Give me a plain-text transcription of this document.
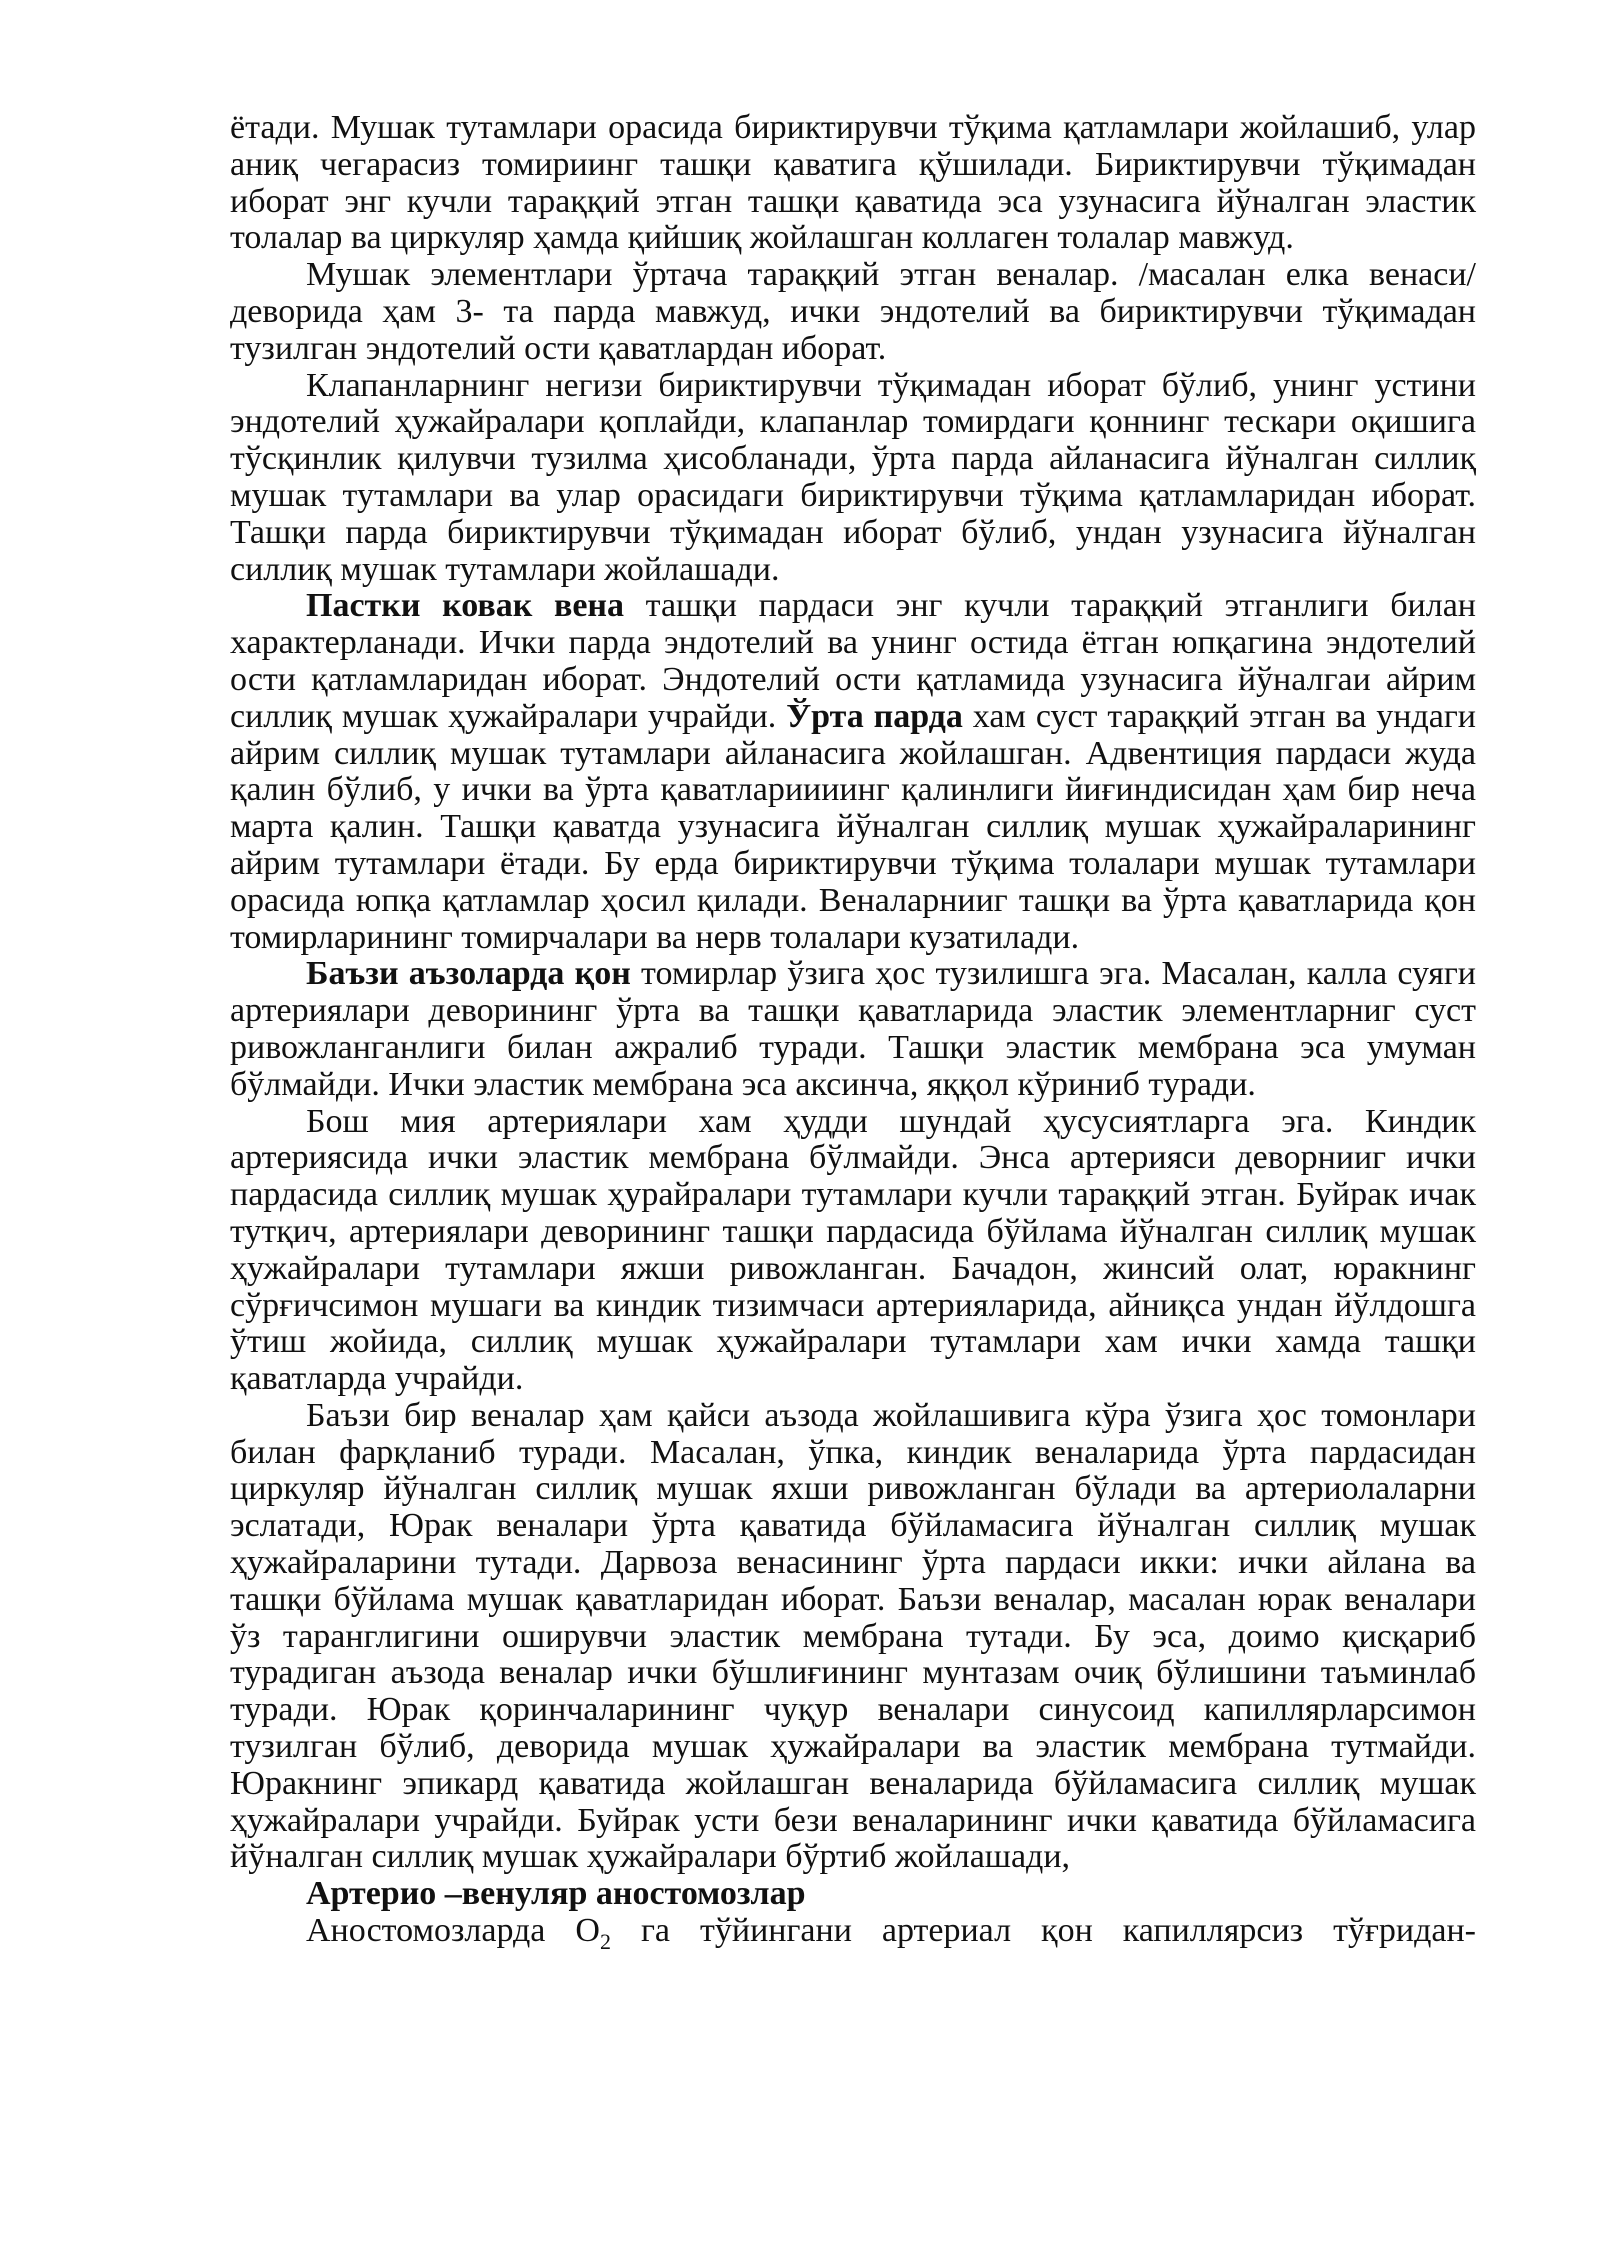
ётади. Мушак тутамлари орасида бириктирувчи тўқима қатламлари жойлашиб, улар аниқ чегарасиз томириинг ташқи қаватига қўшилади. Бириктирувчи тўқимадан иборат энг кучли тараққий этган ташқи қаватида эса узунасига йўналган эластик толалар ва циркуляр ҳамда қийшиқ жойлашган коллаген толалар мавжуд.

Мушак элементлари ўртача тараққий этган веналар. /масалан елка венаси/ деворида ҳам 3- та парда мавжуд, ички эндотелий ва бириктирувчи тўқимадан тузилган эндотелий ости қаватлардан иборат.

Клапанларнинг негизи бириктирувчи тўқимадан иборат бўлиб, унинг устини эндотелий ҳужайралари қоплайди, клапанлар томирдаги қоннинг тескари оқишига тўсқинлик қилувчи тузилма ҳисобланади, ўрта парда айланасига йўналган силлиқ мушак тутамлари ва улар орасидаги бириктирувчи тўқима қатламларидан иборат. Ташқи парда бириктирувчи тўқимадан иборат бўлиб, ундан узунасига йўналган силлиқ мушак тутамлари жойлашади.

Пастки ковак вена ташқи пардаси энг кучли тараққий этганлиги билан характерланади. Ички парда эндотелий ва унинг остида ётган юпқагина эндотелий ости қатламларидан иборат. Эндотелий ости қатламида узунасига йўналгаи айрим силлиқ мушак ҳужайралари учрайди. Ўрта парда хам суст тараққий этган ва ундаги айрим силлиқ мушак тутамлари айланасига жойлашган. Адвентиция пардаси жуда қалин бўлиб, у ички ва ўрта қаватлариииинг қалинлиги йиғиндисидан ҳам бир неча марта қалин. Ташқи қаватда узунасига йўналган силлиқ мушак ҳужайраларининг айрим тутамлари ётади. Бу ерда бириктирувчи тўқима толалари мушак тутамлари орасида юпқа қатламлар ҳосил қилади. Веналарнииг ташқи ва ўрта қаватларида қон томирларининг томирчалари ва нерв толалари кузатилади.

Баъзи аъзоларда қон томирлар ўзига ҳос тузилишга эга. Масалан, калла суяги артериялари деворининг ўрта ва ташқи қаватларида эластик элементларниг суст ривожланганлиги билан ажралиб туради. Ташқи эластик мембрана эса умуман бўлмайди. Ички эластик мембрана эса аксинча, яққол кўриниб туради.

Бош мия артериялари хам ҳудди шундай ҳусусиятларга эга. Киндик артериясида ички эластик мембрана бўлмайди. Энса артерияси деворнииг ички пардасида силлиқ мушак ҳурайралари тутамлари кучли тараққий этган. Буйрак ичак тутқич, артериялари деворининг ташқи пардасида бўйлама йўналган силлиқ мушак ҳужайралари тутамлари яжши ривожланган. Бачадон, жинсий олат, юракнинг сўрғичсимон мушаги ва киндик тизимчаси артерияларида, айниқса ундан йўлдошга ўтиш жойида, силлиқ мушак ҳужайралари тутамлари хам ички хамда ташқи қаватларда учрайди.

Баъзи бир веналар ҳам қайси аъзода жойлашивига кўра ўзига ҳос томонлари билан фарқланиб туради. Масалан, ўпка, киндик веналарида ўрта пардасидан циркуляр йўналган силлиқ мушак яхши ривожланган бўлади ва артериолаларни эслатади, Юрак веналари ўрта қаватида бўйламасига йўналган силлиқ мушак ҳужайраларини тутади. Дарвоза венасининг ўрта пардаси икки: ички айлана ва ташқи бўйлама мушак қаватларидан иборат. Баъзи веналар, масалан юрак веналари ўз таранглигини оширувчи эластик мембрана тутади. Бу эса, доимо қисқариб турадиган аъзода веналар ички бўшлиғининг мунтазам очиқ бўлишини таъминлаб туради. Юрак қоринчаларининг чуқур веналари синусоид капиллярларсимон тузилган бўлиб, деворида мушак ҳужайралари ва эластик мембрана тутмайди. Юракнинг эпикард қаватида жойлашган веналарида бўйламасига силлиқ мушак ҳужайралари учрайди. Буйрак усти бези веналарининг ички қаватида бўйламасига йўналган силлиқ мушак ҳужайралари бўртиб жойлашади,

Артерио –венуляр аностомозлар

Аностомозларда $О_2$ га тўйингани артериал қон капиллярсиз тўғридан-
